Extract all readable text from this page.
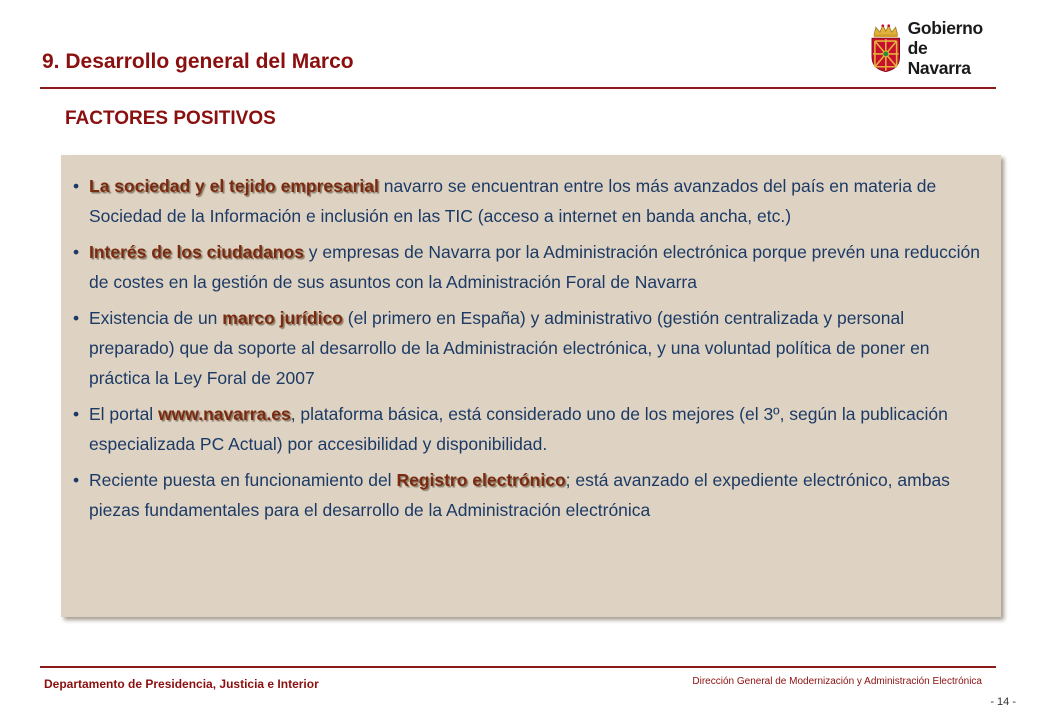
9. Desarrollo general del Marco
Gobierno
de Navarra
FACTORES POSITIVOS
• La sociedad y el tejido empresarial navarro se encuentran entre los más avanzados del país en materia de Sociedad de la Información e inclusión en las TIC (acceso a internet en banda ancha, etc.)
• Interés de los ciudadanos y empresas de Navarra por la Administración electrónica porque prevén una reducción de costes en la gestión de sus asuntos con la Administración Foral de Navarra
• Existencia de un marco jurídico (el primero en España) y administrativo (gestión centralizada y personal preparado) que da soporte al desarrollo de la Administración electrónica, y una voluntad política de poner en práctica la Ley Foral de 2007
• El portal www.navarra.es, plataforma básica, está considerado uno de los mejores (el 3º, según la publicación especializada PC Actual) por accesibilidad y disponibilidad.
• Reciente puesta en funcionamiento del Registro electrónico; está avanzado el expediente electrónico, ambas piezas fundamentales para el desarrollo de la Administración electrónica
Departamento de Presidencia, Justicia e Interior	Dirección General de Modernización y Administración Electrónica
- 14 -
